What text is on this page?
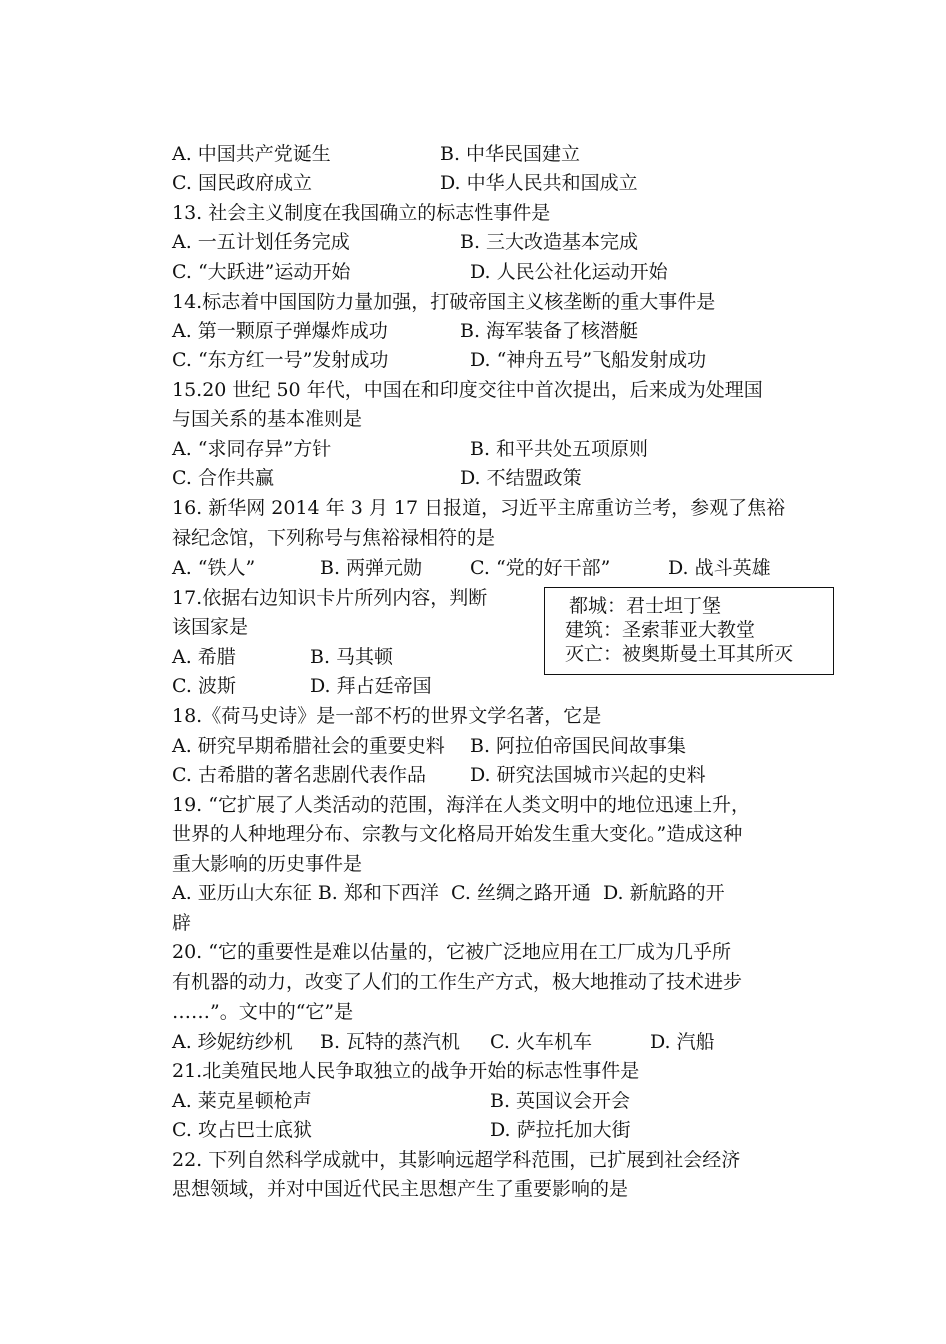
A. 中国共产党诞生	B. 中华民国建立
C. 国民政府成立	D. 中华人民共和国成立
13. 社会主义制度在我国确立的标志性事件是
A. 一五计划任务完成	B. 三大改造基本完成
C. “大跃进”运动开始	D. 人民公社化运动开始
14.标志着中国国防力量加强，打破帝国主义核垄断的重大事件是
A. 第一颗原子弹爆炸成功	B. 海军装备了核潜艇
C. “东方红一号”发射成功	D. “神舟五号”飞船发射成功
15.20 世纪 50 年代，中国在和印度交往中首次提出，后来成为处理国
与国关系的基本准则是
A. “求同存异”方针	B. 和平共处五项原则
C. 合作共赢	D. 不结盟政策
16. 新华网 2014 年 3 月 17 日报道，习近平主席重访兰考，参观了焦裕
禄纪念馆，下列称号与焦裕禄相符的是
A. “铁人”	B. 两弹元勋	C. “党的好干部”	D. 战斗英雄
17.依据右边知识卡片所列内容，判断
该国家是
A. 希腊	B. 马其顿
C. 波斯	D. 拜占廷帝国
都城：君士坦丁堡
建筑：圣索菲亚大教堂
灭亡：被奥斯曼土耳其所灭
18.《荷马史诗》是一部不朽的世界文学名著，它是
A. 研究早期希腊社会的重要史料 B. 阿拉伯帝国民间故事集
C. 古希腊的著名悲剧代表作品 D. 研究法国城市兴起的史料
19. “它扩展了人类活动的范围，海洋在人类文明中的地位迅速上升，
世界的人种地理分布、宗教与文化格局开始发生重大变化。”造成这种
重大影响的历史事件是
A. 亚历山大东征 B. 郑和下西洋  C. 丝绸之路开通  D. 新航路的开
辟
20. “它的重要性是难以估量的，它被广泛地应用在工厂成为几乎所
有机器的动力，改变了人们的工作生产方式，极大地推动了技术进步
……”。文中的“它”是
A. 珍妮纺纱机 B. 瓦特的蒸汽机 C. 火车机车	D. 汽船
21.北美殖民地人民争取独立的战争开始的标志性事件是
A. 莱克星顿枪声	B. 英国议会开会
C. 攻占巴士底狱	D. 萨拉托加大街
22. 下列自然科学成就中，其影响远超学科范围，已扩展到社会经济
思想领域，并对中国近代民主思想产生了重要影响的是
